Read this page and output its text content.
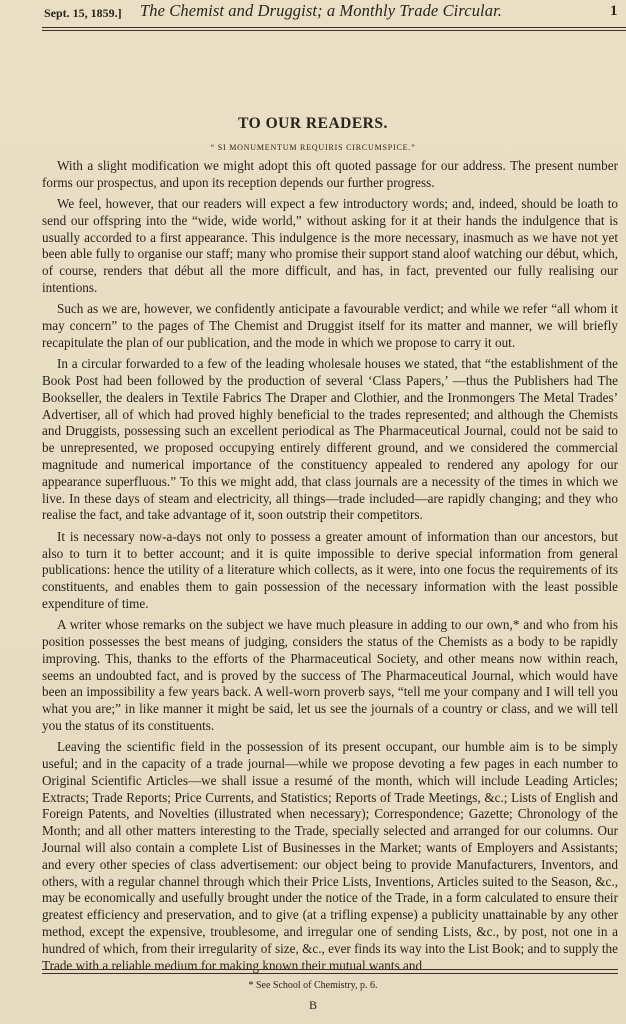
Sept. 15, 1859.] The Chemist and Druggist; a Monthly Trade Circular.	1
TO OUR READERS.
“ SI MONUMENTUM REQUIRIS CIRCUMSPICE.”

With a slight modification we might adopt this oft quoted passage for our address. The present number forms our prospectus, and upon its reception depends our further progress.

We feel, however, that our readers will expect a few introductory words; and, indeed, should be loath to send our offspring into the “wide, wide world,” without asking for it at their hands the indulgence that is usually accorded to a first appearance. This indulgence is the more necessary, inasmuch as we have not yet been able fully to organise our staff; many who promise their support stand aloof watching our début, which, of course, renders that début all the more difficult, and has, in fact, prevented our fully realising our intentions.

Such as we are, however, we confidently anticipate a favourable verdict; and while we refer “all whom it may concern” to the pages of The Chemist and Druggist itself for its matter and manner, we will briefly recapitulate the plan of our publication, and the mode in which we propose to carry it out.

In a circular forwarded to a few of the leading wholesale houses we stated, that “the establishment of the Book Post had been followed by the production of several ‘Class Papers,’ —thus the Publishers had The Bookseller, the dealers in Textile Fabrics The Draper and Clothier, and the Ironmongers The Metal Trades’ Advertiser, all of which had proved highly beneficial to the trades represented; and although the Chemists and Druggists, possessing such an excellent periodical as The Pharmaceutical Journal, could not be said to be unrepresented, we proposed occupying entirely different ground, and we considered the commercial magnitude and numerical importance of the constituency appealed to rendered any apology for our appearance superfluous.” To this we might add, that class journals are a necessity of the times in which we live. In these days of steam and electricity, all things—trade included—are rapidly changing; and they who realise the fact, and take advantage of it, soon outstrip their competitors.

It is necessary now-a-days not only to possess a greater amount of information than our ancestors, but also to turn it to better account; and it is quite impossible to derive special information from general publications: hence the utility of a literature which collects, as it were, into one focus the requirements of its constituents, and enables them to gain possession of the necessary information with the least possible expenditure of time.

A writer whose remarks on the subject we have much pleasure in adding to our own,* and who from his position possesses the best means of judging, considers the status of the Chemists as a body to be rapidly improving. This, thanks to the efforts of the Pharmaceutical Society, and other means now within reach, seems an undoubted fact, and is proved by the success of The Pharmaceutical Journal, which would have been an impossibility a few years back. A well-worn proverb says, “tell me your company and I will tell you what you are;” in like manner it might be said, let us see the journals of a country or class, and we will tell you the status of its constituents.

Leaving the scientific field in the possession of its present occupant, our humble aim is to be simply useful; and in the capacity of a trade journal—while we propose devoting a few pages in each number to Original Scientific Articles—we shall issue a resumé of the month, which will include Leading Articles; Extracts; Trade Reports; Price Currents, and Statistics; Reports of Trade Meetings, &c.; Lists of English and Foreign Patents, and Novelties (illustrated when necessary); Correspondence; Gazette; Chronology of the Month; and all other matters interesting to the Trade, specially selected and arranged for our columns. Our Journal will also contain a complete List of Businesses in the Market; wants of Employers and Assistants; and every other species of class advertisement: our object being to provide Manufacturers, Inventors, and others, with a regular channel through which their Price Lists, Inventions, Articles suited to the Season, &c., may be economically and usefully brought under the notice of the Trade, in a form calculated to ensure their greatest efficiency and preservation, and to give (at a trifling expense) a publicity unattainable by any other method, except the expensive, troublesome, and irregular one of sending Lists, &c., by post, not one in a hundred of which, from their irregularity of size, &c., ever finds its way into the List Book; and to supply the Trade with a reliable medium for making known their mutual wants and

* See School of Chemistry, p. 6.
B
